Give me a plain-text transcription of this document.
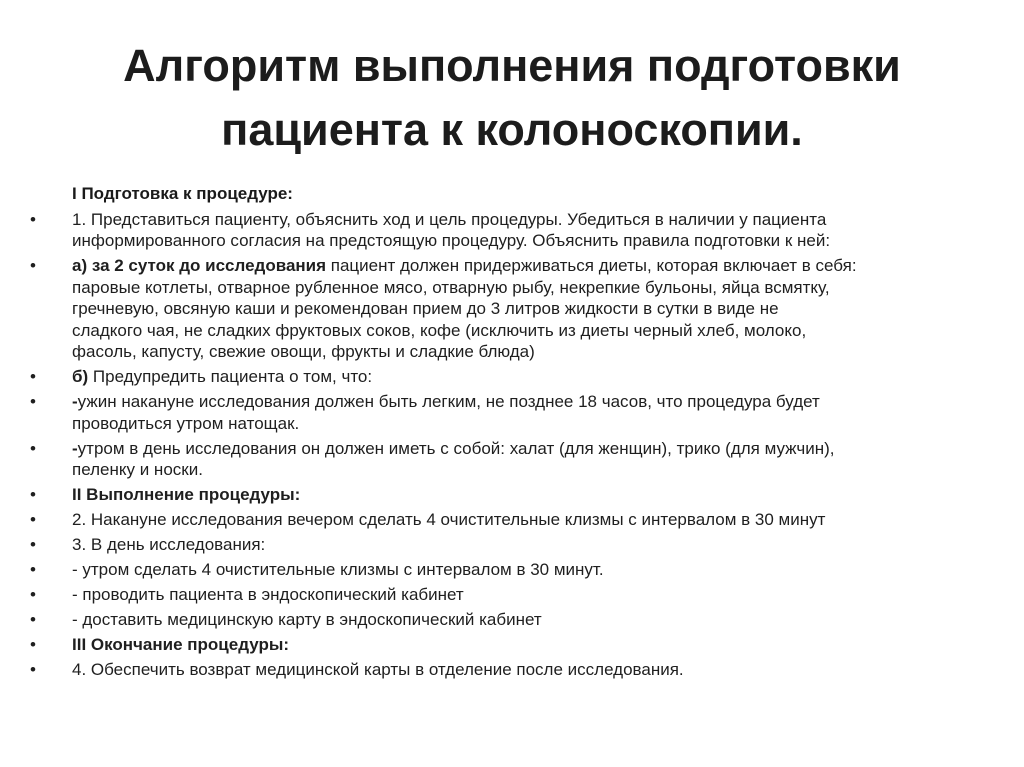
Алгоритм выполнения подготовки
пациента к колоноскопии.
I Подготовка к процедуре:
•	1. Представиться пациенту, объяснить ход и цель процедуры. Убедиться в наличии у пациента
информированного согласия на предстоящую процедуру. Объяснить правила подготовки к ней:
•	а) за 2 суток до исследования пациент должен придерживаться диеты, которая включает в себя:
паровые котлеты, отварное рубленное мясо, отварную рыбу, некрепкие бульоны, яйца всмятку,
гречневую, овсяную каши и рекомендован прием до 3 литров жидкости в сутки в виде не
сладкого чая, не сладких фруктовых соков, кофе (исключить из диеты черный хлеб, молоко,
фасоль, капусту, свежие овощи, фрукты и сладкие блюда)
•	б) Предупредить пациента о том, что:
•	-ужин накануне исследования должен быть легким, не позднее 18 часов, что процедура будет
проводиться утром натощак.
•	-утром в день исследования он должен иметь с собой: халат (для женщин), трико (для мужчин),
пеленку и носки.
•	II Выполнение процедуры:
•	2. Накануне исследования вечером сделать 4 очистительные клизмы с интервалом в 30 минут
•	3. В день исследования:
•	- утром сделать 4 очистительные клизмы с интервалом в 30 минут.
•	- проводить пациента в эндоскопический кабинет
•	- доставить медицинскую карту в эндоскопический кабинет
•	III Окончание процедуры:
•	4. Обеспечить возврат медицинской карты в отделение после исследования.
